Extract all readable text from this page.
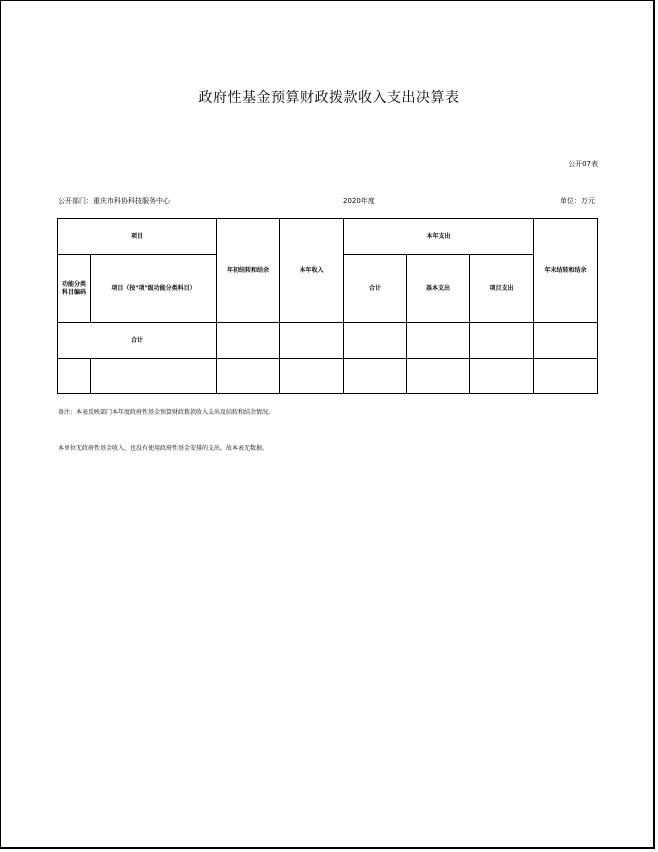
政府性基金预算财政拨款收入支出决算表
公开07表
公开部门：重庆市科协科技服务中心	2020年度	单位：万元
项目		年初结转和结余	本年收入	本年支出			年末结转和结余
功能分类科目编码	项目（按"项"级功能分类科目）			合计	基本支出	项目支出	
合计							

备注：本表反映部门本年度政府性基金预算财政拨款收入支出及结转和结余情况。
本单位无政府性基金收入，也没有使用政府性基金安排的支出，故本表无数据。
